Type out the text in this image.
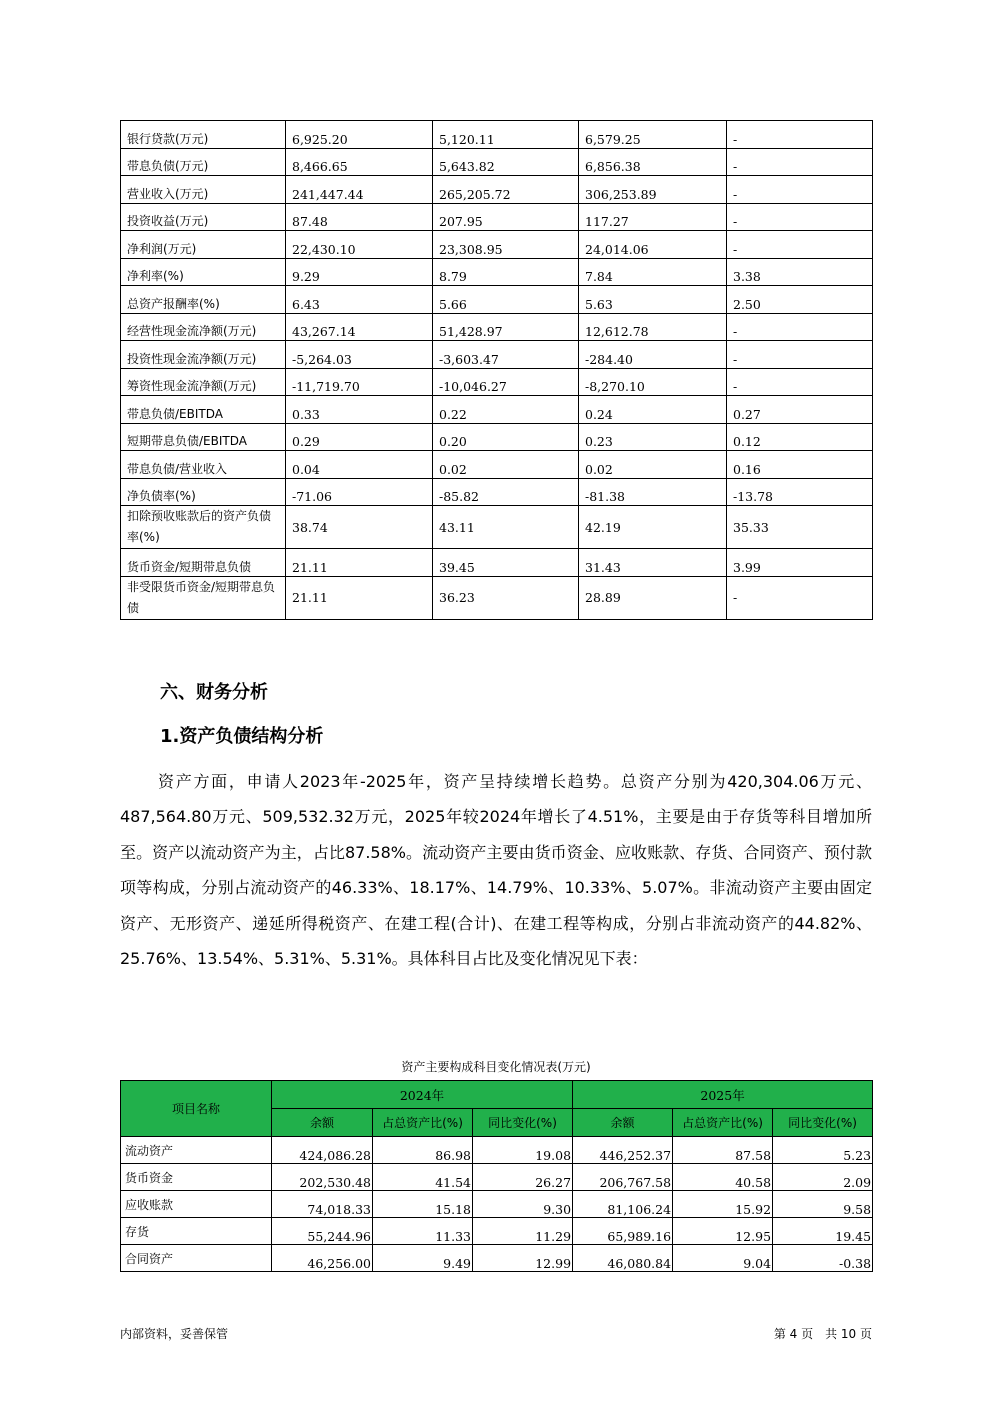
银行贷款(万元)	6,925.20	5,120.11	6,579.25	-
带息负债(万元)	8,466.65	5,643.82	6,856.38	-
营业收入(万元)	241,447.44	265,205.72	306,253.89	-
投资收益(万元)	87.48	207.95	117.27	-
净利润(万元)	22,430.10	23,308.95	24,014.06	-
净利率(%)	9.29	8.79	7.84	3.38
总资产报酬率(%)	6.43	5.66	5.63	2.50
经营性现金流净额(万元)	43,267.14	51,428.97	12,612.78	-
投资性现金流净额(万元)	-5,264.03	-3,603.47	-284.40	-
筹资性现金流净额(万元)	-11,719.70	-10,046.27	-8,270.10	-
带息负债/EBITDA	0.33	0.22	0.24	0.27
短期带息负债/EBITDA	0.29	0.20	0.23	0.12
带息负债/营业收入	0.04	0.02	0.02	0.16
净负债率(%)	-71.06	-85.82	-81.38	-13.78
扣除预收账款后的资产负债率(%)	38.74	43.11	42.19	35.33
货币资金/短期带息负债	21.11	39.45	31.43	3.99
非受限货币资金/短期带息负债	21.11	36.23	28.89	-
六、财务分析
1.资产负债结构分析

资产方面，申请人2023年-2025年，资产呈持续增长趋势。总资产分别为420,304.06万元、487,564.80万元、509,532.32万元，2025年较2024年增长了4.51%，主要是由于存货等科目增加所至。资产以流动资产为主，占比87.58%。流动资产主要由货币资金、应收账款、存货、合同资产、预付款项等构成，分别占流动资产的46.33%、18.17%、14.79%、10.33%、5.07%。非流动资产主要由固定资产、无形资产、递延所得税资产、在建工程(合计)、在建工程等构成，分别占非流动资产的44.82%、25.76%、13.54%、5.31%、5.31%。具体科目占比及变化情况见下表：

资产主要构成科目变化情况表(万元)
项目名称	2024年			2025年		
	余额	占总资产比(%)	同比变化(%)	余额	占总资产比(%)	同比变化(%)
流动资产	424,086.28	86.98	19.08	446,252.37	87.58	5.23
货币资金	202,530.48	41.54	26.27	206,767.58	40.58	2.09
应收账款	74,018.33	15.18	9.30	81,106.24	15.92	9.58
存货	55,244.96	11.33	11.29	65,989.16	12.95	19.45
合同资产	46,256.00	9.49	12.99	46,080.84	9.04	-0.38
内部资料，妥善保管	第 4 页　共 10 页
